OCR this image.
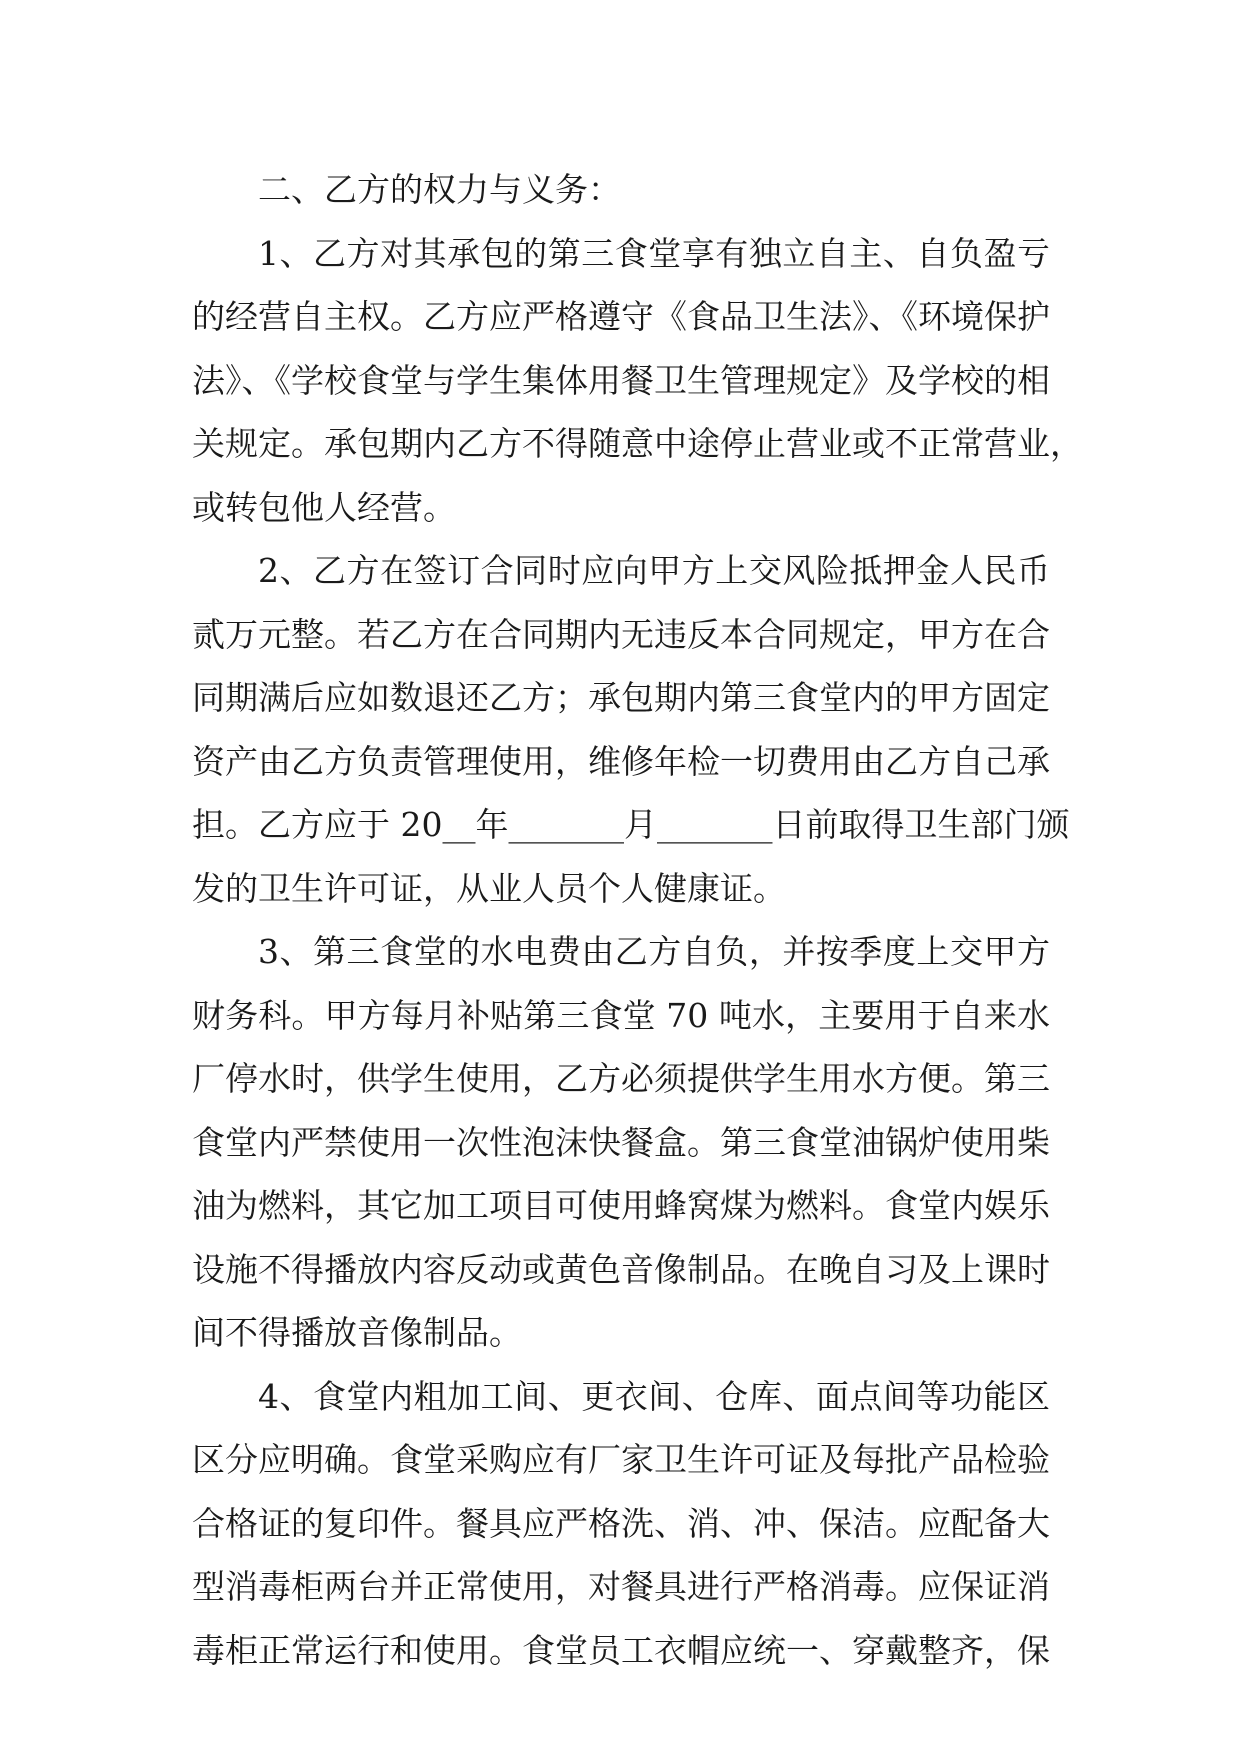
二、乙方的权力与义务：
1、乙方对其承包的第三食堂享有独立自主、自负盈亏
的经营自主权。乙方应严格遵守《食品卫生法》、《环境保护
法》、《学校食堂与学生集体用餐卫生管理规定》及学校的相
关规定。承包期内乙方不得随意中途停止营业或不正常营业，
或转包他人经营。
2、乙方在签订合同时应向甲方上交风险抵押金人民币
贰万元整。若乙方在合同期内无违反本合同规定，甲方在合
同期满后应如数退还乙方；承包期内第三食堂内的甲方固定
资产由乙方负责管理使用，维修年检一切费用由乙方自己承
担。乙方应于 20__年_______月_______日前取得卫生部门颁
发的卫生许可证，从业人员个人健康证。
3、第三食堂的水电费由乙方自负，并按季度上交甲方
财务科。甲方每月补贴第三食堂 70 吨水，主要用于自来水
厂停水时，供学生使用，乙方必须提供学生用水方便。第三
食堂内严禁使用一次性泡沫快餐盒。第三食堂油锅炉使用柴
油为燃料，其它加工项目可使用蜂窝煤为燃料。食堂内娱乐
设施不得播放内容反动或黄色音像制品。在晚自习及上课时
间不得播放音像制品。
4、食堂内粗加工间、更衣间、仓库、面点间等功能区
区分应明确。食堂采购应有厂家卫生许可证及每批产品检验
合格证的复印件。餐具应严格洗、消、冲、保洁。应配备大
型消毒柜两台并正常使用，对餐具进行严格消毒。应保证消
毒柜正常运行和使用。食堂员工衣帽应统一、穿戴整齐，保
